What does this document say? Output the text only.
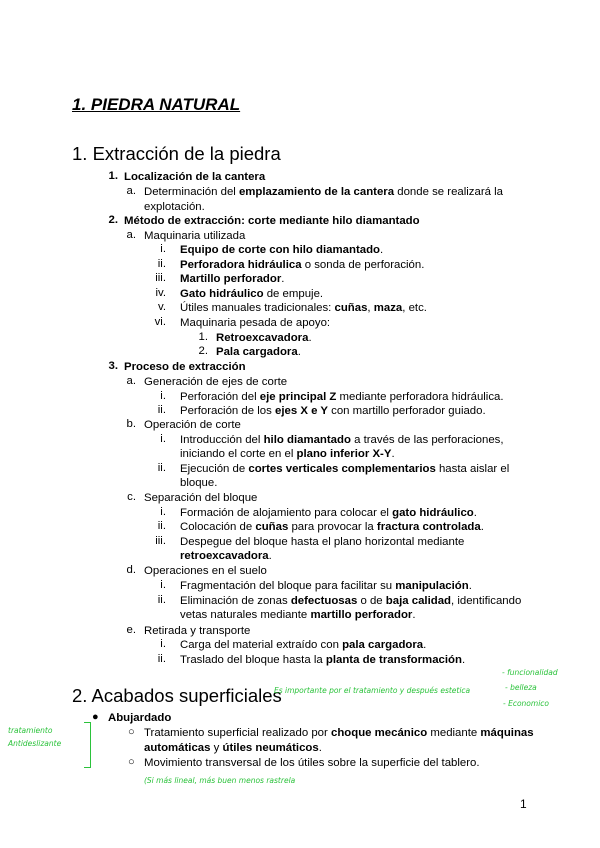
1. PIEDRA NATURAL
1. Extracción de la piedra
1. Localización de la cantera
a. Determinación del emplazamiento de la cantera donde se realizará la
explotación.
2. Método de extracción: corte mediante hilo diamantado
a. Maquinaria utilizada
i. Equipo de corte con hilo diamantado.
ii. Perforadora hidráulica o sonda de perforación.
iii. Martillo perforador.
iv. Gato hidráulico de empuje.
v. Útiles manuales tradicionales: cuñas, maza, etc.
vi. Maquinaria pesada de apoyo:
1. Retroexcavadora.
2. Pala cargadora.
3. Proceso de extracción
a. Generación de ejes de corte
i. Perforación del eje principal Z mediante perforadora hidráulica.
ii. Perforación de los ejes X e Y con martillo perforador guiado.
b. Operación de corte
i. Introducción del hilo diamantado a través de las perforaciones,
iniciando el corte en el plano inferior X-Y.
ii. Ejecución de cortes verticales complementarios hasta aislar el
bloque.
c. Separación del bloque
i. Formación de alojamiento para colocar el gato hidráulico.
ii. Colocación de cuñas para provocar la fractura controlada.
iii. Despegue del bloque hasta el plano horizontal mediante
retroexcavadora.
d. Operaciones en el suelo
i. Fragmentación del bloque para facilitar su manipulación.
ii. Eliminación de zonas defectuosas o de baja calidad, identificando
vetas naturales mediante martillo perforador.
e. Retirada y transporte
i. Carga del material extraído con pala cargadora.
ii. Traslado del bloque hasta la planta de transformación.
2. Acabados superficiales
● Abujardado
○ Tratamiento superficial realizado por choque mecánico mediante máquinas
automáticas y útiles neumáticos.
○ Movimiento transversal de los útiles sobre la superficie del tablero.
Es importante por el tratamiento y después estetica
- funcionalidad
- belleza
- Economico
tratamiento
Antideslizante
(Si más lineal, más buen menos rastrela
1
